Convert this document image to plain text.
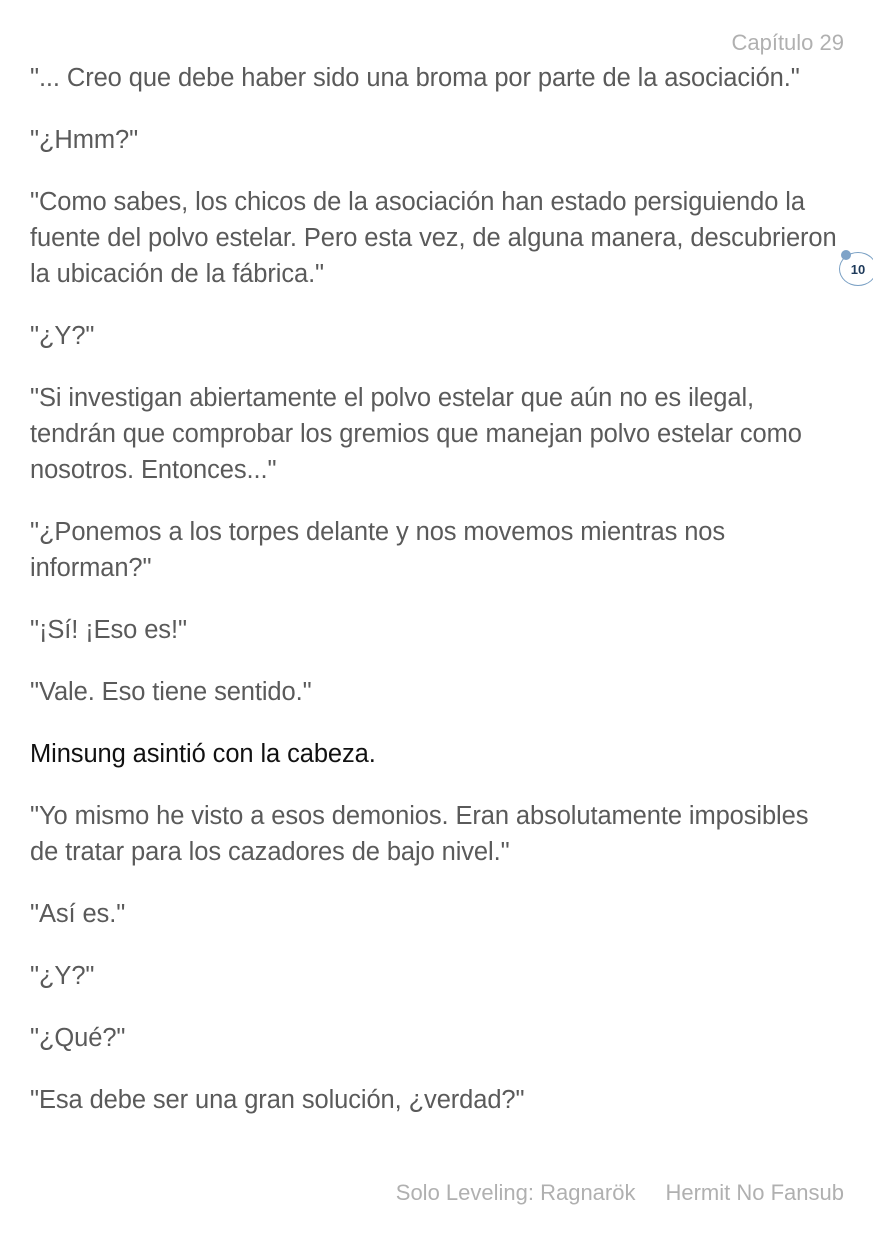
Capítulo 29

"... Creo que debe haber sido una broma por parte de la asociación."

"¿Hmm?"

"Como sabes, los chicos de la asociación han estado persiguiendo la fuente del polvo estelar. Pero esta vez, de alguna manera, descubrieron la ubicación de la fábrica."

"¿Y?"

"Si investigan abiertamente el polvo estelar que aún no es ilegal, tendrán que comprobar los gremios que manejan polvo estelar como nosotros. Entonces..."

"¿Ponemos a los torpes delante y nos movemos mientras nos informan?"

"¡Sí! ¡Eso es!"

"Vale. Eso tiene sentido."

Minsung asintió con la cabeza.

"Yo mismo he visto a esos demonios. Eran absolutamente imposibles de tratar para los cazadores de bajo nivel."

"Así es."

"¿Y?"

"¿Qué?"

"Esa debe ser una gran solución, ¿verdad?"

10
Solo Leveling: Ragnarök Hermit No Fansub
